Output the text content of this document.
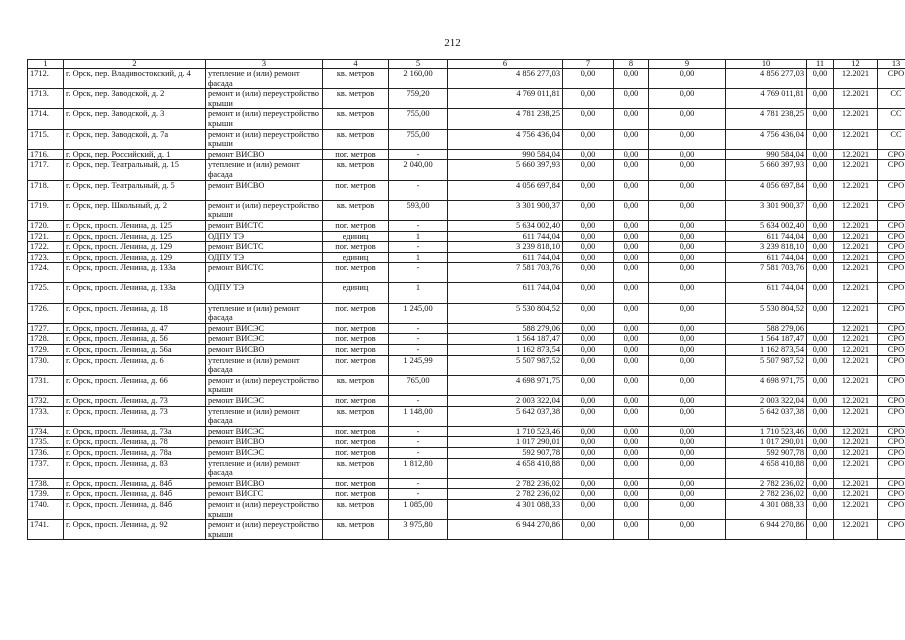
212
1	2	3	4	5	6	7	8	9	10	11	12	13
1712.	г. Орск, пер. Владивостокский, д. 4	утепление и (или) ремонт фасада	кв. метров	2 160,00	4 856 277,03	0,00	0,00	0,00	4 856 277,03	0,00	12.2021	СРО
1713.	г. Орск, пер. Заводской, д. 2	ремонт и (или) переустройство крыши	кв. метров	759,20	4 769 011,81	0,00	0,00	0,00	4 769 011,81	0,00	12.2021	СС
1714.	г. Орск, пер. Заводской, д. 3	ремонт и (или) переустройство крыши	кв. метров	755,00	4 781 238,25	0,00	0,00	0,00	4 781 238,25	0,00	12.2021	СС
1715.	г. Орск, пер. Заводской, д. 7а	ремонт и (или) переустройство крыши	кв. метров	755,00	4 756 436,04	0,00	0,00	0,00	4 756 436,04	0,00	12.2021	СС
1716.	г. Орск, пер. Российский, д. 1	ремонт ВИСВО	пог. метров	-	990 584,04	0,00	0,00	0,00	990 584,04	0,00	12.2021	СРО
1717.	г. Орск, пер. Театральный, д. 15	утепление и (или) ремонт фасада	кв. метров	2 040,00	5 660 397,93	0,00	0,00	0,00	5 660 397,93	0,00	12.2021	СРО
1718.	г. Орск, пер. Театральный, д. 5	ремонт ВИСВО	пог. метров	-	4 056 697,84	0,00	0,00	0,00	4 056 697,84	0,00	12.2021	СРО
1719.	г. Орск, пер. Школьный, д. 2	ремонт и (или) переустройство крыши	кв. метров	593,00	3 301 900,37	0,00	0,00	0,00	3 301 900,37	0,00	12.2021	СРО
1720.	г. Орск, просп. Ленина, д. 125	ремонт ВИСТС	пог. метров	-	5 634 002,40	0,00	0,00	0,00	5 634 002,40	0,00	12.2021	СРО
1721.	г. Орск, просп. Ленина, д. 125	ОДПУ ТЭ	единиц	1	611 744,04	0,00	0,00	0,00	611 744,04	0,00	12.2021	СРО
1722.	г. Орск, просп. Ленина, д. 129	ремонт ВИСТС	пог. метров	-	3 239 818,10	0,00	0,00	0,00	3 239 818,10	0,00	12.2021	СРО
1723.	г. Орск, просп. Ленина, д. 129	ОДПУ ТЭ	единиц	1	611 744,04	0,00	0,00	0,00	611 744,04	0,00	12.2021	СРО
1724.	г. Орск, просп. Ленина, д. 133а	ремонт ВИСТС	пог. метров	-	7 581 703,76	0,00	0,00	0,00	7 581 703,76	0,00	12.2021	СРО
1725.	г. Орск, просп. Ленина, д. 133а	ОДПУ ТЭ	единиц	1	611 744,04	0,00	0,00	0,00	611 744,04	0,00	12.2021	СРО
1726.	г. Орск, просп. Ленина, д. 18	утепление и (или) ремонт фасада	пог. метров	1 245,00	5 530 804,52	0,00	0,00	0,00	5 530 804,52	0,00	12.2021	СРО
1727.	г. Орск, просп. Ленина, д. 47	ремонт ВИСЭС	пог. метров	-	588 279,06	0,00	0,00	0,00	588 279,06		12.2021	СРО
1728.	г. Орск, просп. Ленина, д. 56	ремонт ВИСЭС	пог. метров	-	1 564 187,47	0,00	0,00	0,00	1 564 187,47	0,00	12.2021	СРО
1729.	г. Орск, просп. Ленина, д. 56а	ремонт ВИСВО	пог. метров	-	1 162 873,54	0,00	0,00	0,00	1 162 873,54	0,00	12.2021	СРО
1730.	г. Орск, просп. Ленина, д. 6	утепление и (или) ремонт фасада	пог. метров	1 245,99	5 507 987,52	0,00	0,00	0,00	5 507 987,52	0,00	12.2021	СРО
1731.	г. Орск, просп. Ленина, д. 66	ремонт и (или) переустройство крыши	кв. метров	765,00	4 698 971,75	0,00	0,00	0,00	4 698 971,75	0,00	12.2021	СРО
1732.	г. Орск, просп. Ленина, д. 73	ремонт ВИСЭС	пог. метров	-	2 003 322,04	0,00	0,00	0,00	2 003 322,04	0,00	12.2021	СРО
1733.	г. Орск, просп. Ленина, д. 73	утепление и (или) ремонт фасада	кв. метров	1 148,00	5 642 037,38	0,00	0,00	0,00	5 642 037,38	0,00	12.2021	СРО
1734.	г. Орск, просп. Ленина, д. 73а	ремонт ВИСЭС	пог. метров	-	1 710 523,46	0,00	0,00	0,00	1 710 523,46	0,00	12.2021	СРО
1735.	г. Орск, просп. Ленина, д. 78	ремонт ВИСВО	пог. метров	-	1 017 290,01	0,00	0,00	0,00	1 017 290,01	0,00	12.2021	СРО
1736.	г. Орск, просп. Ленина, д. 78а	ремонт ВИСЭС	пог. метров	-	592 907,78	0,00	0,00	0,00	592 907,78	0,00	12.2021	СРО
1737.	г. Орск, просп. Ленина, д. 83	утепление и (или) ремонт фасада	кв. метров	1 812,80	4 658 410,88	0,00	0,00	0,00	4 658 410,88	0,00	12.2021	СРО
1738.	г. Орск, просп. Ленина, д. 84б	ремонт ВИСВО	пог. метров	-	2 782 236,02	0,00	0,00	0,00	2 782 236,02	0,00	12.2021	СРО
1739.	г. Орск, просп. Ленина, д. 84б	ремонт ВИСГС	пог. метров	-	2 782 236,02	0,00	0,00	0,00	2 782 236,02	0,00	12.2021	СРО
1740.	г. Орск, просп. Ленина, д. 84б	ремонт и (или) переустройство крыши	кв. метров	1 085,00	4 301 088,33	0,00	0,00	0,00	4 301 088,33	0,00	12.2021	СРО
1741.	г. Орск, просп. Ленина, д. 92	ремонт и (или) переустройство крыши	кв. метров	3 975,80	6 944 270,86	0,00	0,00	0,00	6 944 270,86	0,00	12.2021	СРО
